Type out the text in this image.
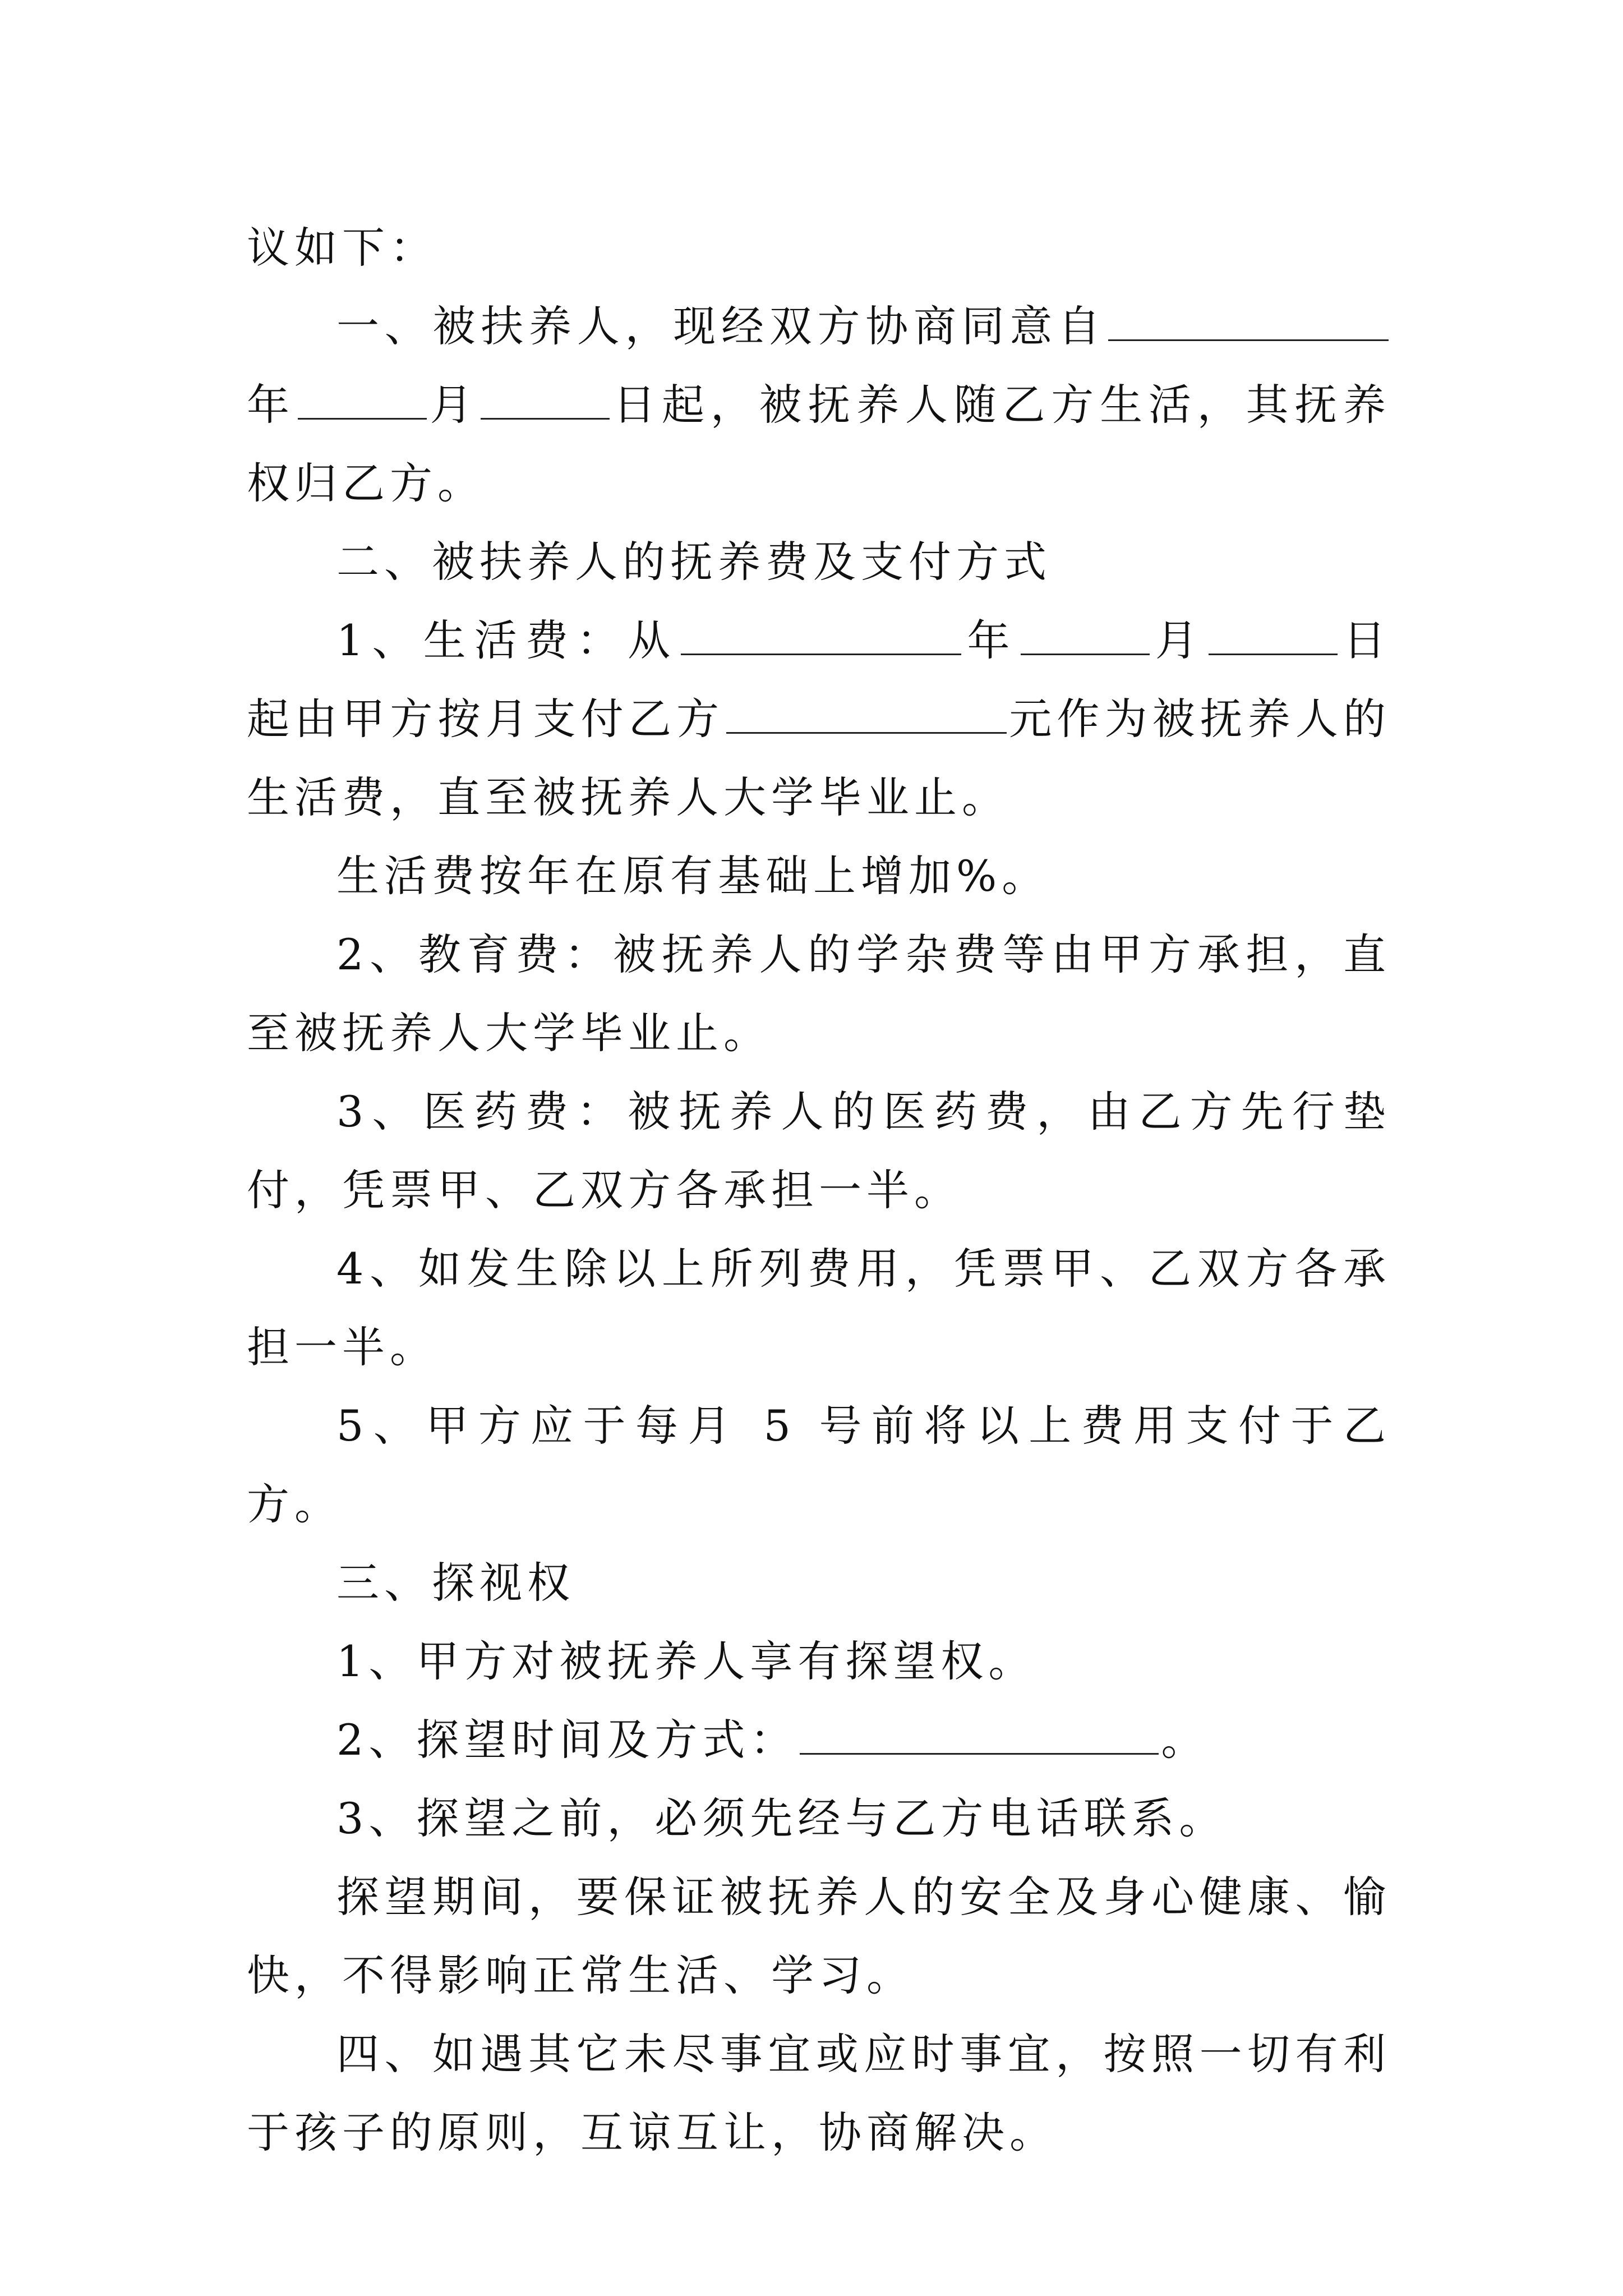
议如下：

一、被扶养人，现经双方协商同意自年	月	日起，被抚养人随乙方生活，其抚养权归乙方。

二、被扶养人的抚养费及支付方式

1、生活费：从	年	月	日起由甲方按月支付乙方	元作为被抚养人的生活费，直至被抚养人大学毕业止。

生活费按年在原有基础上增加%。

2、教育费：被抚养人的学杂费等由甲方承担，直至被抚养人大学毕业止。

3、医药费：被抚养人的医药费，由乙方先行垫付，凭票甲、乙双方各承担一半。

4、如发生除以上所列费用，凭票甲、乙双方各承担一半。

5、甲方应于每月 5 号前将以上费用支付于乙方。

三、探视权

1、甲方对被抚养人享有探望权。

2、探望时间及方式：	。

3、探望之前，必须先经与乙方电话联系。

探望期间，要保证被抚养人的安全及身心健康、愉快，不得影响正常生活、学习。

四、如遇其它未尽事宜或应时事宜，按照一切有利于孩子的原则，互谅互让，协商解决。
